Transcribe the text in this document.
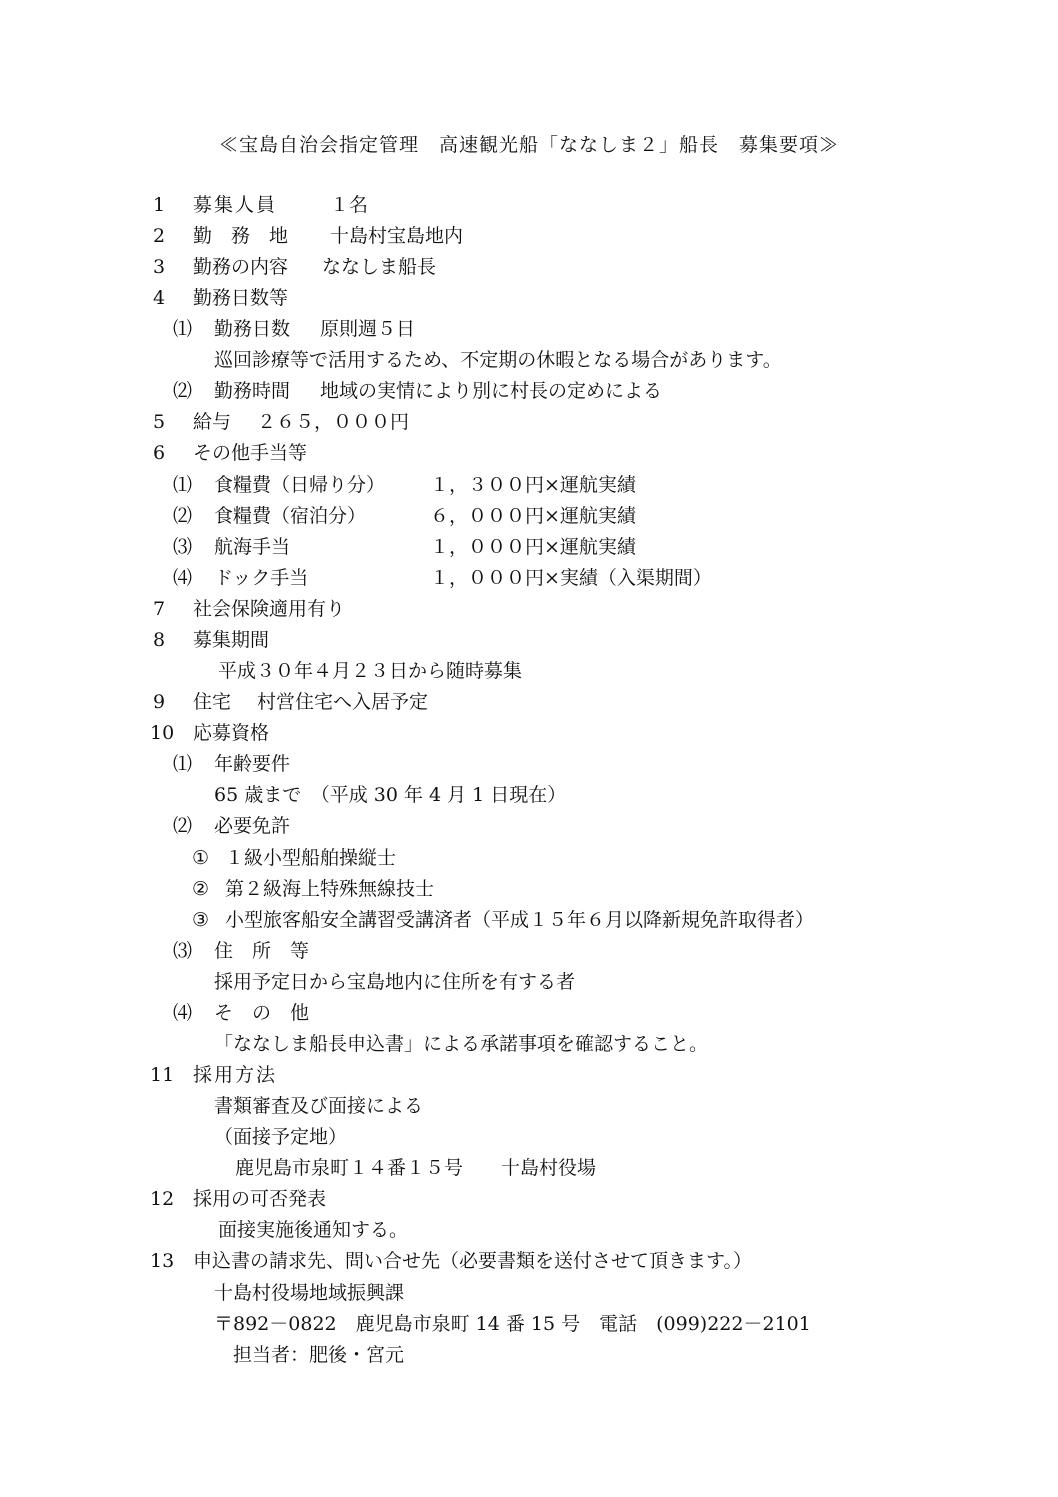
≪宝島自治会指定管理　高速観光船「ななしま２」船長　募集要項≫
1 募集人員	１名
2 勤　務　地 十島村宝島地内
3 勤務の内容 ななしま船長
4 勤務日数等
⑴ 勤務日数 原則週５日
巡回診療等で活用するため、不定期の休暇となる場合があります。
⑵ 勤務時間 地域の実情により別に村長の定めによる
5 給与 ２６５，０００円
6 その他手当等
⑴ 食糧費（日帰り分） １，３００円×運航実績
⑵ 食糧費（宿泊分）	６，０００円×運航実績
⑶ 航海手当	１，０００円×運航実績
⑷ ドック手当	１，０００円×実績（入渠期間）
7 社会保険適用有り
8 募集期間
平成３０年４月２３日から随時募集
9 住宅 村営住宅へ入居予定
10 応募資格
⑴ 年齢要件
65 歳まで　（平成 30 年 4 月 1 日現在）
⑵ 必要免許
① １級小型船舶操縦士
② 第２級海上特殊無線技士
③ 小型旅客船安全講習受講済者（平成１５年６月以降新規免許取得者）
⑶ 住　所　等
採用予定日から宝島地内に住所を有する者
⑷ そ　の　他
「ななしま船長申込書」による承諾事項を確認すること。
11 採用方法
書類審査及び面接による
（面接予定地）
鹿児島市泉町１４番１５号　　十島村役場
12 採用の可否発表
面接実施後通知する。
13 申込書の請求先、問い合せ先（必要書類を送付させて頂きます。）
十島村役場地域振興課
〒892－0822　鹿児島市泉町 14 番 15 号　電話　(099)222－2101
担当者：肥後・宮元
